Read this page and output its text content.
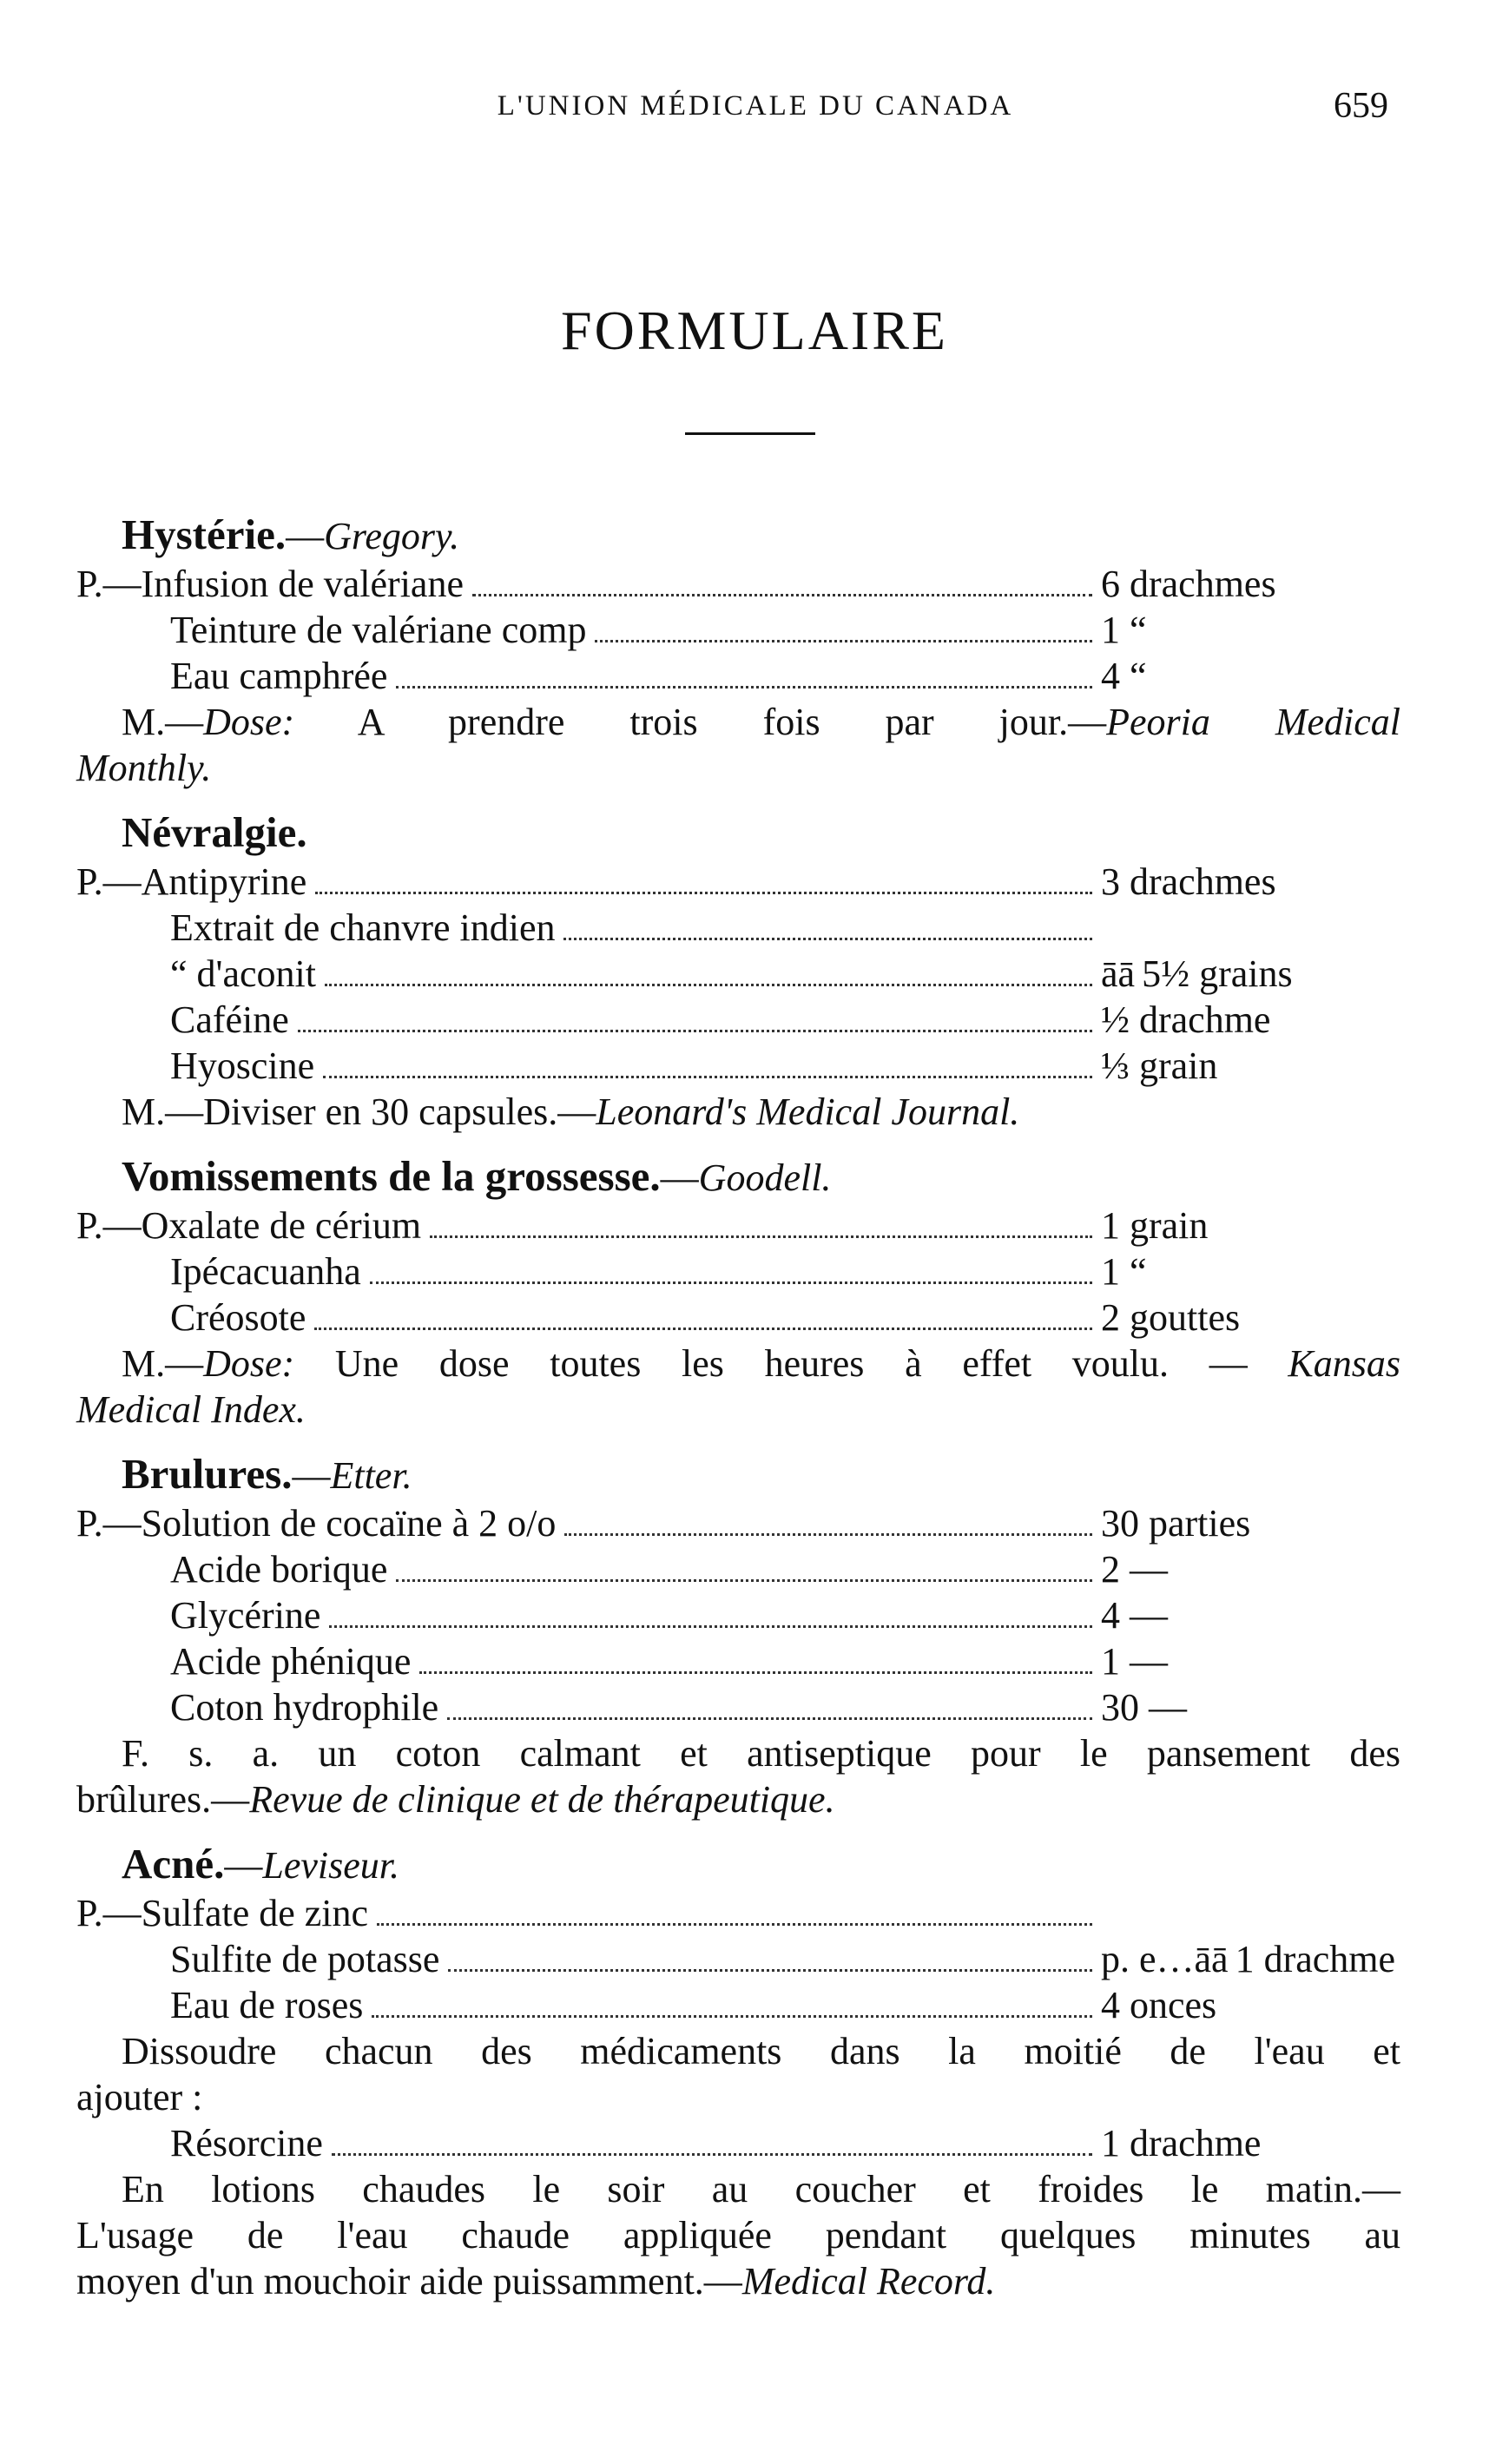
L'UNION MÉDICALE DU CANADA	659
FORMULAIRE
Hystérie.—Gregory.
P.—Infusion de valériane	6 drachmes
Teinture de valériane comp	1 “
Eau camphrée	4 “
M.—Dose: A prendre trois fois par jour.—Peoria Medical
Monthly.
Névralgie.
P.—Antipyrine	3 drachmes
Extrait de chanvre indien
“ d'aconit	āā 5½ grains
Caféine	½ drachme
Hyoscine	⅓ grain
M.—Diviser en 30 capsules.—Leonard's Medical Journal.
Vomissements de la grossesse.—Goodell.
P.—Oxalate de cérium	1 grain
Ipécacuanha	1 “
Créosote	2 gouttes
M.—Dose: Une dose toutes les heures à effet voulu. — Kansas
Medical Index.
Brulures.—Etter.
P.—Solution de cocaïne à 2 o/o	30 parties
Acide borique	2 —
Glycérine	4 —
Acide phénique	1 —
Coton hydrophile	30 —
F. s. a. un coton calmant et antiseptique pour le pansement des
brûlures.—Revue de clinique et de thérapeutique.
Acné.—Leviseur.
P.—Sulfate de zinc
Sulfite de potasse	p. e…āā 1 drachme
Eau de roses	4 onces
Dissoudre chacun des médicaments dans la moitié de l'eau et
ajouter :
Résorcine	1 drachme
En lotions chaudes le soir au coucher et froides le matin.—
L'usage de l'eau chaude appliquée pendant quelques minutes au
moyen d'un mouchoir aide puissamment.—Medical Record.
